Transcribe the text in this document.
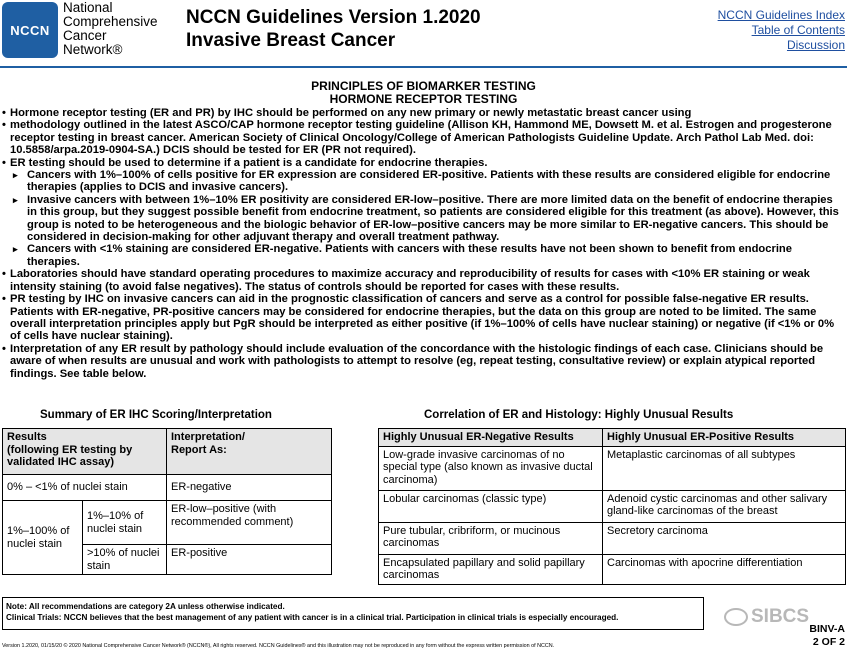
NCCN
National
Comprehensive
Cancer
Network®
NCCN Guidelines Version 1.2020
Invasive Breast Cancer
NCCN Guidelines Index
Table of Contents
Discussion
PRINCIPLES OF BIOMARKER TESTING
HORMONE RECEPTOR TESTING
• Hormone receptor testing (ER and PR) by IHC should be performed on any new primary or newly metastatic breast cancer using
• methodology outlined in the latest ASCO/CAP hormone receptor testing guideline (Allison KH, Hammond ME, Dowsett M. et al. Estrogen and progesterone receptor testing in breast cancer. American Society of Clinical Oncology/College of American Pathologists Guideline Update. Arch Pathol Lab Med. doi: 10.5858/arpa.2019-0904-SA.) DCIS should be tested for ER (PR not required).
• ER testing should be used to determine if a patient is a candidate for endocrine therapies.
▸ Cancers with 1%–100% of cells positive for ER expression are considered ER-positive. Patients with these results are considered eligible for endocrine therapies (applies to DCIS and invasive cancers).
▸ Invasive cancers with between 1%–10% ER positivity are considered ER-low–positive. There are more limited data on the benefit of endocrine therapies in this group, but they suggest possible benefit from endocrine treatment, so patients are considered eligible for this treatment (as above). However, this group is noted to be heterogeneous and the biologic behavior of ER-low–positive cancers may be more similar to ER-negative cancers. This should be considered in decision-making for other adjuvant therapy and overall treatment pathway.
▸ Cancers with <1% staining are considered ER-negative. Patients with cancers with these results have not been shown to benefit from endocrine therapies.
• Laboratories should have standard operating procedures to maximize accuracy and reproducibility of results for cases with <10% ER staining or weak intensity staining (to avoid false negatives). The status of controls should be reported for cases with these results.
• PR testing by IHC on invasive cancers can aid in the prognostic classification of cancers and serve as a control for possible false-negative ER results. Patients with ER-negative, PR-positive cancers may be considered for endocrine therapies, but the data on this group are noted to be limited. The same overall interpretation principles apply but PgR should be interpreted as either positive (if 1%–100% of cells have nuclear staining) or negative (if <1% or 0% of cells have nuclear staining).
• Interpretation of any ER result by pathology should include evaluation of the concordance with the histologic findings of each case. Clinicians should be aware of when results are unusual and work with pathologists to attempt to resolve (eg, repeat testing, consultative review) or explain atypical reported findings. See table below.
Summary of ER IHC Scoring/Interpretation	Correlation of ER and Histology: Highly Unusual Results
Results
(following ER testing by validated IHC assay)		Interpretation/
Report As:
0% – <1% of nuclei stain		ER-negative
1%–100% of nuclei stain	1%–10% of nuclei stain	ER-low–positive (with recommended comment)
	>10% of nuclei stain	ER-positive
Highly Unusual ER-Negative Results	Highly Unusual ER-Positive Results
Low-grade invasive carcinomas of no special type (also known as invasive ductal carcinoma)	Metaplastic carcinomas of all subtypes
Lobular carcinomas (classic type)	Adenoid cystic carcinomas and other salivary gland-like carcinomas of the breast
Pure tubular, cribriform, or mucinous carcinomas	Secretory carcinoma
Encapsulated papillary and solid papillary carcinomas	Carcinomas with apocrine differentiation
Note: All recommendations are category 2A unless otherwise indicated.
Clinical Trials: NCCN believes that the best management of any patient with cancer is in a clinical trial. Participation in clinical trials is especially encouraged.	SIBCS
BINV-A
2 OF 2
Version 1.2020, 01/15/20 © 2020 National Comprehensive Cancer Network® (NCCN®), All rights reserved. NCCN Guidelines® and this illustration may not be reproduced in any form without the express written permission of NCCN.
